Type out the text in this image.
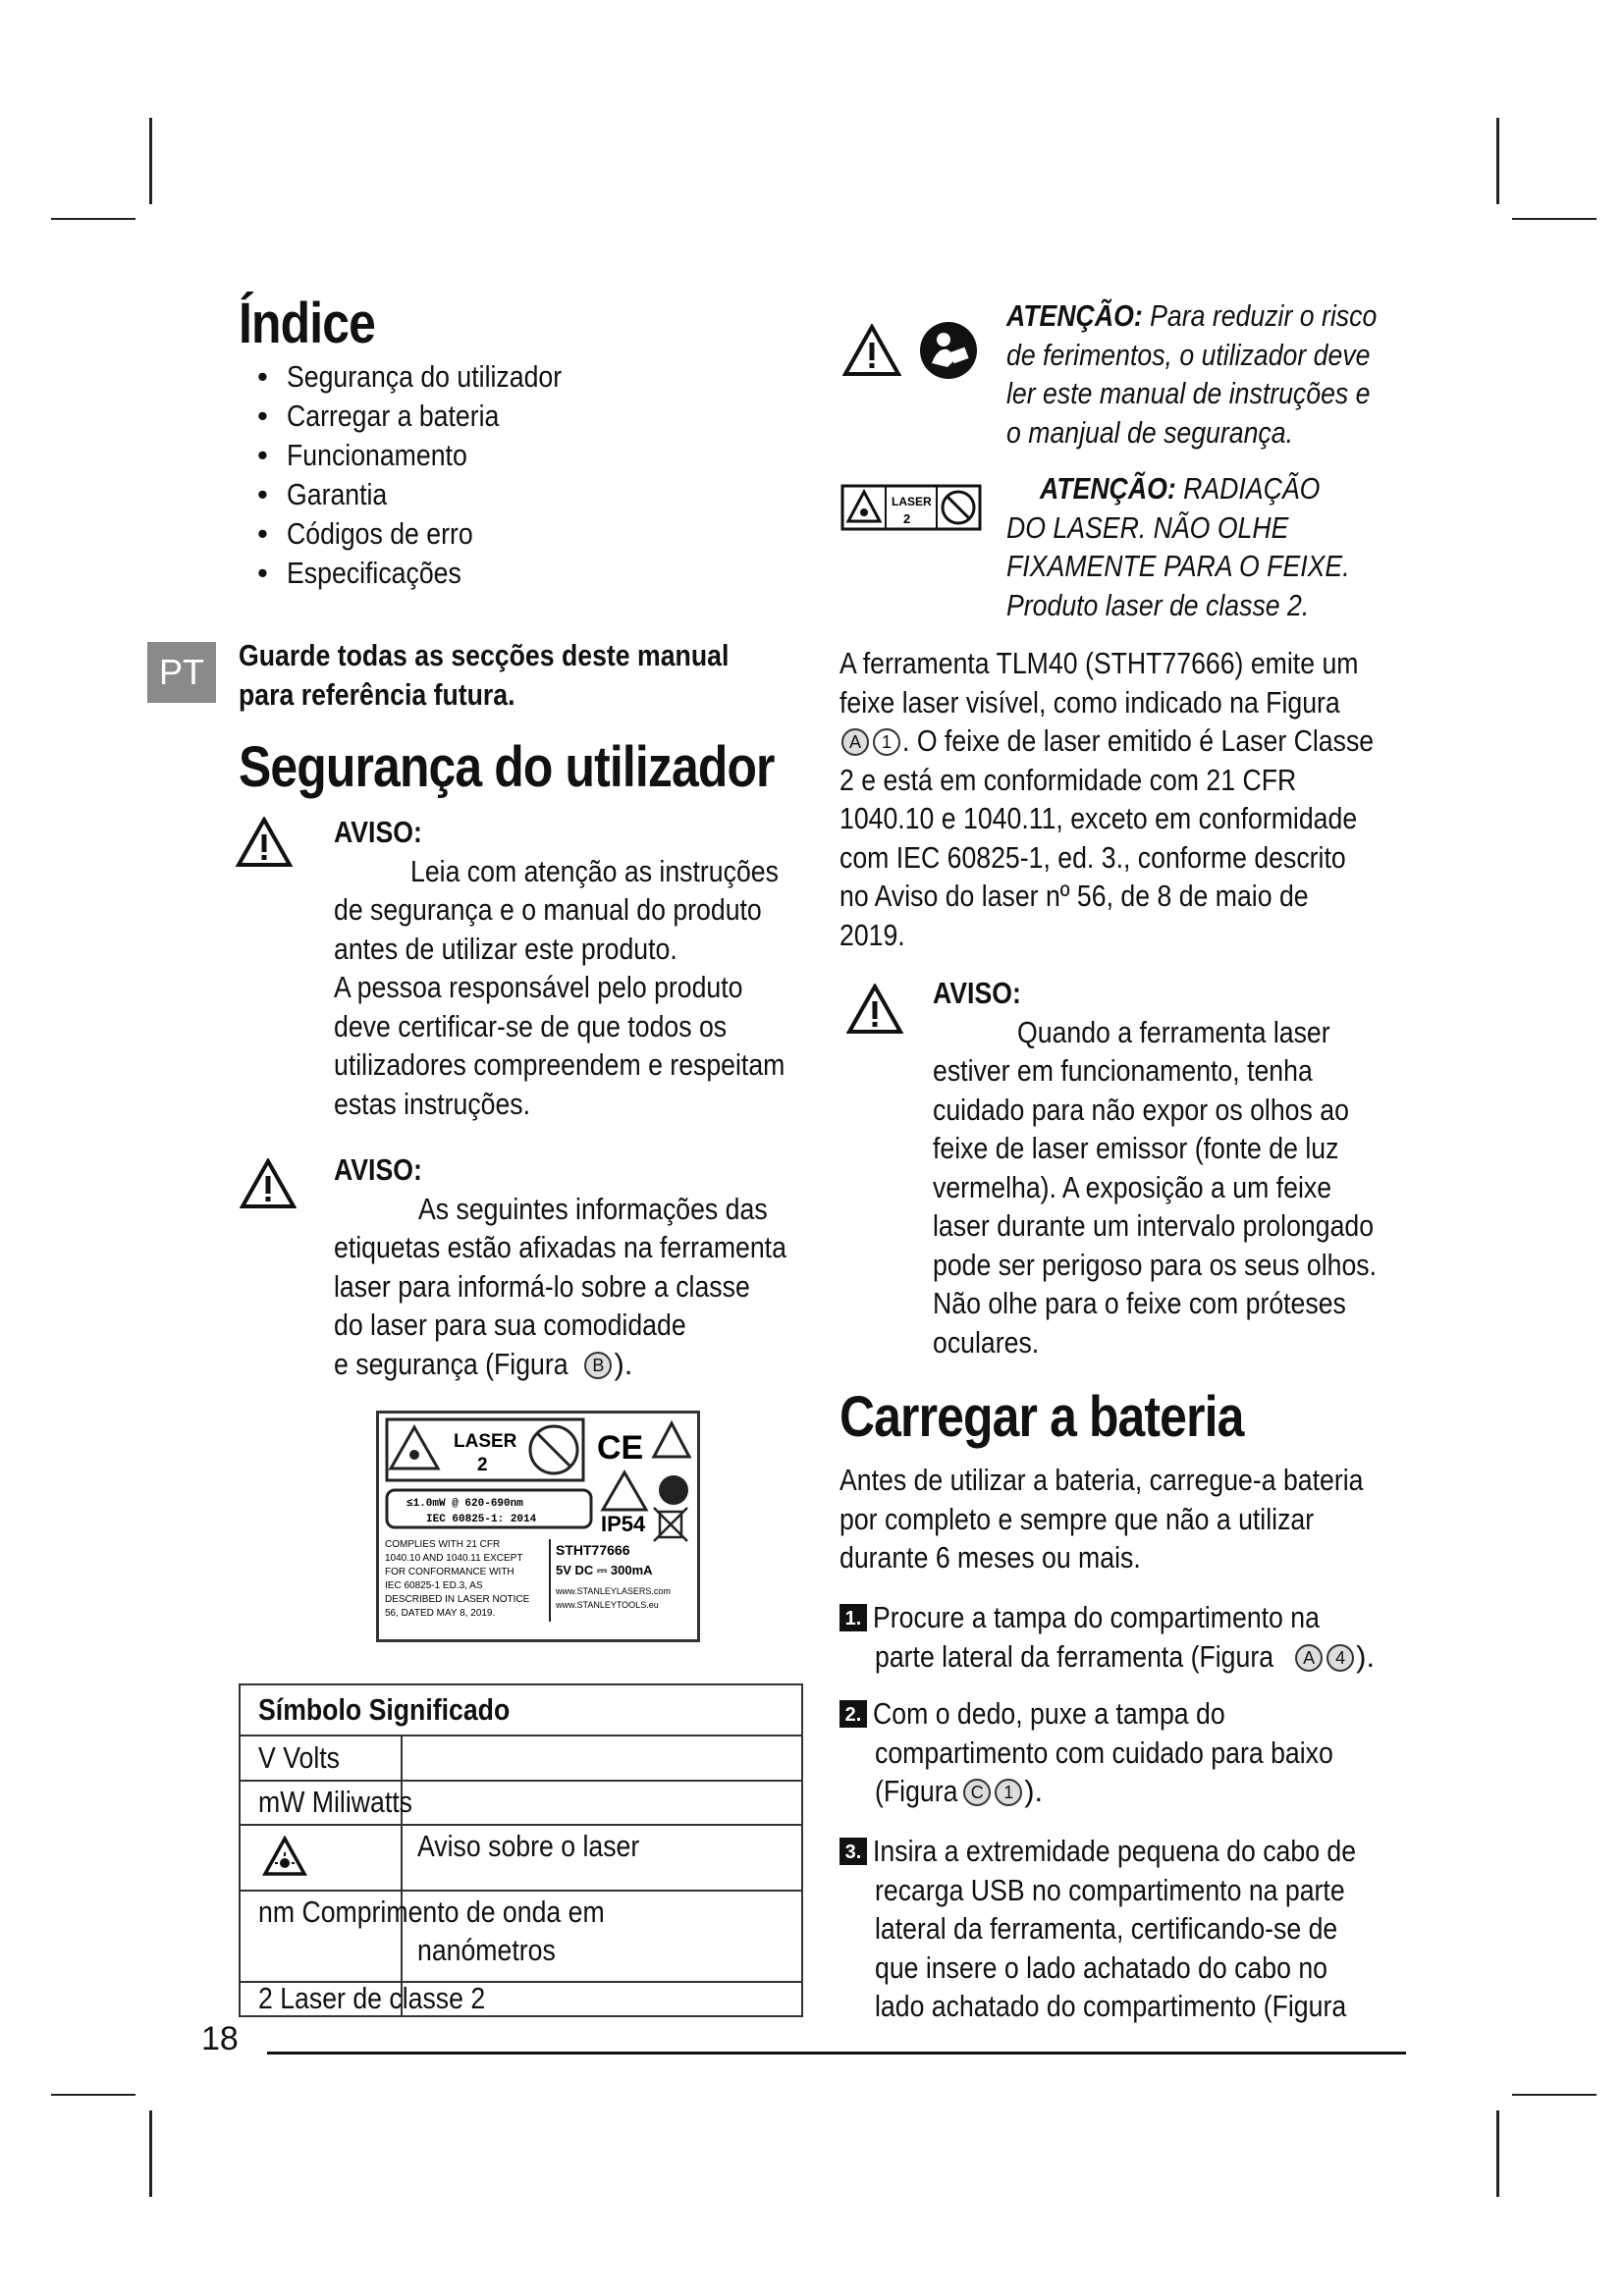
PT
Índice
• Segurança do utilizador
• Carregar a bateria
• Funcionamento
• Garantia
• Códigos de erro
• Especificações
Guarde todas as secções deste manual
para referência futura.
Segurança do utilizador
AVISO:
Leia com atenção as instruções
de segurança e o manual do produto
antes de utilizar este produto.
A pessoa responsável pelo produto
deve certificar-se de que todos os
utilizadores compreendem e respeitam
estas instruções.
AVISO:
As seguintes informações das
etiquetas estão afixadas na ferramenta
laser para informá-lo sobre a classe
do laser para sua comodidade
e segurança (Figura B ).
LASER
2	CE
≤1.0mW @ 620-690nm
IEC 60825-1: 2014	IP54
COMPLIES WITH 21 CFR
1040.10 AND 1040.11 EXCEPT
FOR CONFORMANCE WITH
IEC 60825-1 ED.3, AS
DESCRIBED IN LASER NOTICE
56, DATED MAY 8, 2019.
STHT77666
5V DC ⎓ 300mA
www.STANLEYLASERS.com
www.STANLEYTOOLS.eu
Símbolo Significado
V Volts
mW Miliwatts
Aviso sobre o laser
nm Comprimento de onda em
nanómetros
2 Laser de classe 2
18
ATENÇÃO: Para reduzir o risco
de ferimentos, o utilizador deve
ler este manual de instruções e
o manjual de segurança.
LASER
2
ATENÇÃO: RADIAÇÃO
DO LASER. NÃO OLHE
FIXAMENTE PARA O FEIXE.
Produto laser de classe 2.
A ferramenta TLM40 (STHT77666) emite um
feixe laser visível, como indicado na Figura
A 1 . O feixe de laser emitido é Laser Classe
2 e está em conformidade com 21 CFR
1040.10 e 1040.11, exceto em conformidade
com IEC 60825-1, ed. 3., conforme descrito
no Aviso do laser nº 56, de 8 de maio de
2019.
AVISO:
Quando a ferramenta laser
estiver em funcionamento, tenha
cuidado para não expor os olhos ao
feixe de laser emissor (fonte de luz
vermelha). A exposição a um feixe
laser durante um intervalo prolongado
pode ser perigoso para os seus olhos.
Não olhe para o feixe com próteses
oculares.
Carregar a bateria
Antes de utilizar a bateria, carregue-a bateria
por completo e sempre que não a utilizar
durante 6 meses ou mais.
1. Procure a tampa do compartimento na
parte lateral da ferramenta (Figura A 4 ).
2. Com o dedo, puxe a tampa do
compartimento com cuidado para baixo
(Figura C 1 ).
3. Insira a extremidade pequena do cabo de
recarga USB no compartimento na parte
lateral da ferramenta, certificando-se de
que insere o lado achatado do cabo no
lado achatado do compartimento (Figura
